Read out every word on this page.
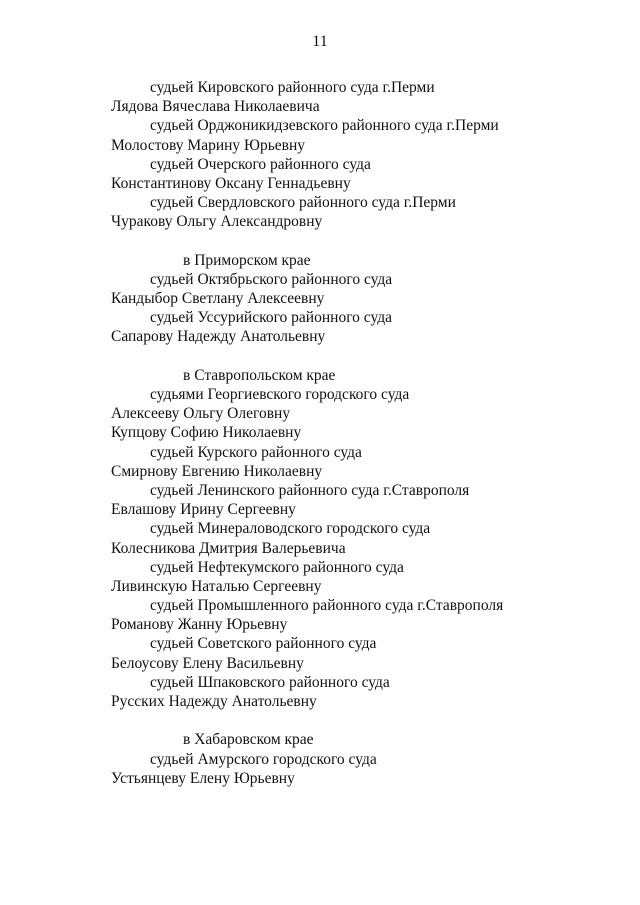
11
судьей Кировского районного суда г.Перми
Лядова Вячеслава Николаевича
судьей Орджоникидзевского районного суда г.Перми
Молостову Марину Юрьевну
судьей Очерского районного суда
Константинову Оксану Геннадьевну
судьей Свердловского районного суда г.Перми
Чуракову Ольгу Александровну
в Приморском крае
судьей Октябрьского районного суда
Кандыбор Светлану Алексеевну
судьей Уссурийского районного суда
Сапарову Надежду Анатольевну
в Ставропольском крае
судьями Георгиевского городского суда
Алексееву Ольгу Олеговну
Купцову Софию Николаевну
судьей Курского районного суда
Смирнову Евгению Николаевну
судьей Ленинского районного суда г.Ставрополя
Евлашову Ирину Сергеевну
судьей Минераловодского городского суда
Колесникова Дмитрия Валерьевича
судьей Нефтекумского районного суда
Ливинскую Наталью Сергеевну
судьей Промышленного районного суда г.Ставрополя
Романову Жанну Юрьевну
судьей Советского районного суда
Белоусову Елену Васильевну
судьей Шпаковского районного суда
Русских Надежду Анатольевну
в Хабаровском крае
судьей Амурского городского суда
Устьянцеву Елену Юрьевну
